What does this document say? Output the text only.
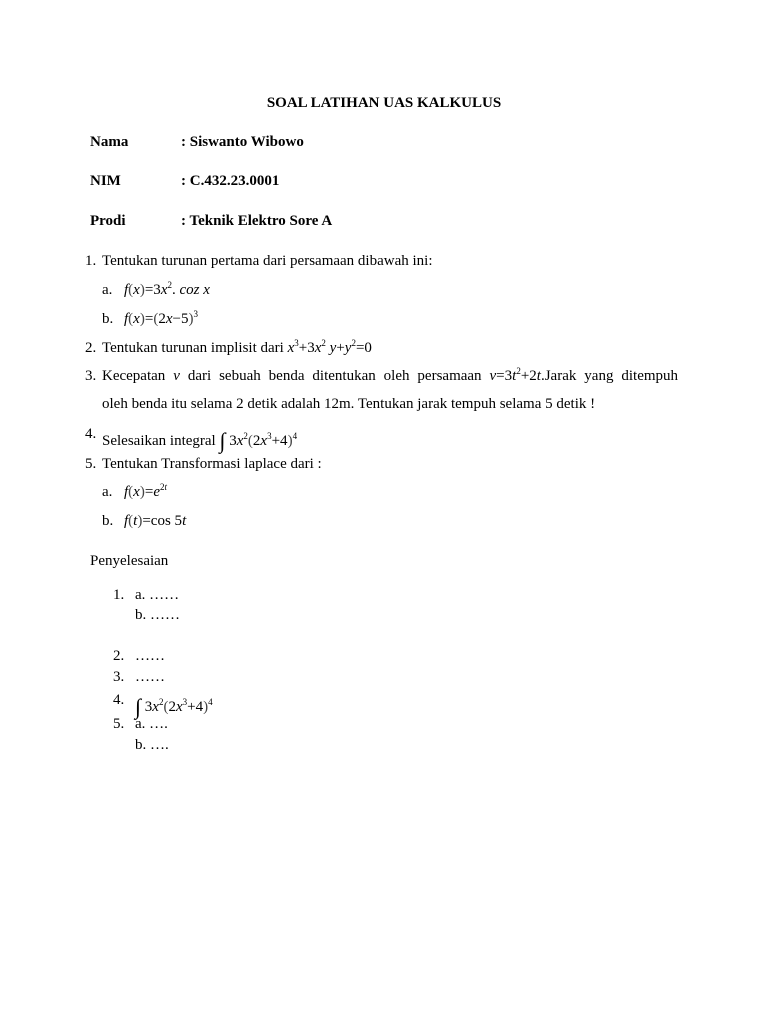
SOAL LATIHAN UAS KALKULUS
Nama	: Siswanto Wibowo
NIM	: C.432.23.0001
Prodi	: Teknik Elektro Sore A
1. Tentukan turunan pertama dari persamaan dibawah ini:
a. $f(x)=3x^2$. coz x
b. $f(x)=(2x-5)^3$
2. Tentukan turunan implisit dari $x^3+3x^2$ $y+y^2=0$
3. Kecepatan v dari sebuah benda ditentukan oleh persamaan $v=3t^2+2t.Jarak$ yang ditempuh
oleh benda itu selama 2 detik adalah 12m. Tentukan jarak tempuh selama 5 detik !
4. Selesaikan integral ∫ $3x^2(2x^3+4)^4$
5. Tentukan Transformasi laplace dari :
a. $f(x)=e^{2t}$
b. f(t)=cos 5t
Penyelesaian
1. a. ……
b. ……
2. ……
3. ……
4. ∫ $3x^2(2x^3+4)^4$
5. a. ….
b. ….
